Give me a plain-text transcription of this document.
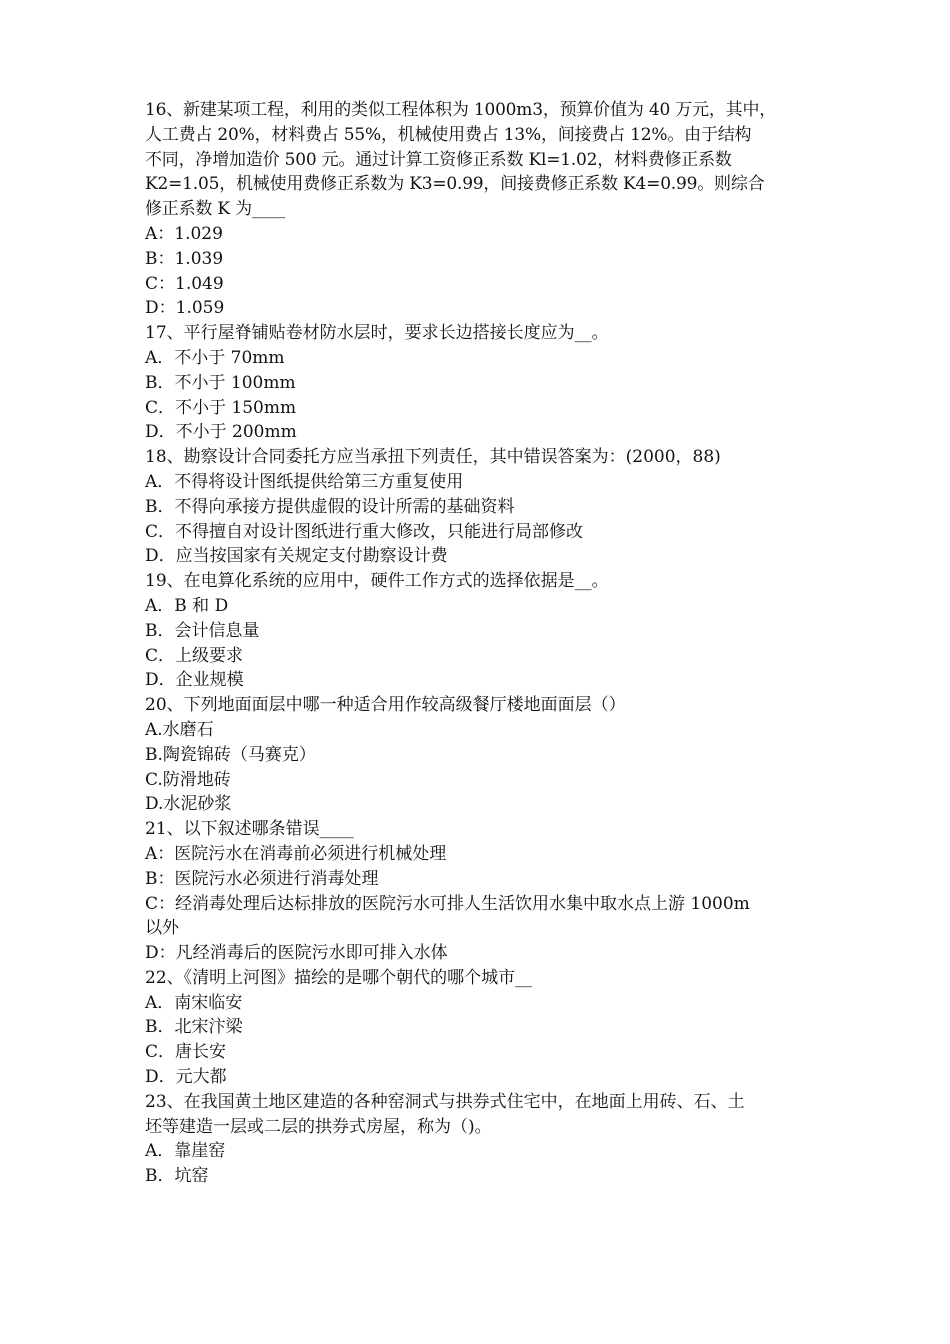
16、新建某项工程，利用的类似工程体积为 1000m3，预算价值为 40 万元，其中，
人工费占 20%，材料费占 55%，机械使用费占 13%，间接费占 12%。由于结构
不同，净增加造价 500 元。通过计算工资修正系数 Kl=1.02，材料费修正系数
K2=1.05，机械使用费修正系数为 K3=0.99，间接费修正系数 K4=0.99。则综合
修正系数 K 为____
A：1.029
B：1.039
C：1.049
D：1.059
17、平行屋脊铺贴卷材防水层时，要求长边搭接长度应为__。
A．不小于 70mm
B．不小于 100mm
C．不小于 150mm
D．不小于 200mm
18、勘察设计合同委托方应当承扭下列责任，其中错误答案为：(2000，88)
A．不得将设计图纸提供给第三方重复使用
B．不得向承接方提供虚假的设计所需的基础资料
C．不得擅自对设计图纸进行重大修改，只能进行局部修改
D．应当按国家有关规定支付勘察设计费
19、在电算化系统的应用中，硬件工作方式的选择依据是__。
A．B 和 D
B．会计信息量
C．上级要求
D．企业规模
20、下列地面面层中哪一种适合用作较高级餐厅楼地面面层（）
A.水磨石
B.陶瓷锦砖（马赛克）
C.防滑地砖
D.水泥砂浆
21、以下叙述哪条错误____
A：医院污水在消毒前必须进行机械处理
B：医院污水必须进行消毒处理
C：经消毒处理后达标排放的医院污水可排人生活饮用水集中取水点上游 1000m
以外
D：凡经消毒后的医院污水即可排入水体
22、《清明上河图》描绘的是哪个朝代的哪个城市__
A．南宋临安
B．北宋汴梁
C．唐长安
D．元大都
23、在我国黄土地区建造的各种窑洞式与拱券式住宅中，在地面上用砖、石、土
坯等建造一层或二层的拱券式房屋，称为（)。
A．靠崖窑
B．坑窑
